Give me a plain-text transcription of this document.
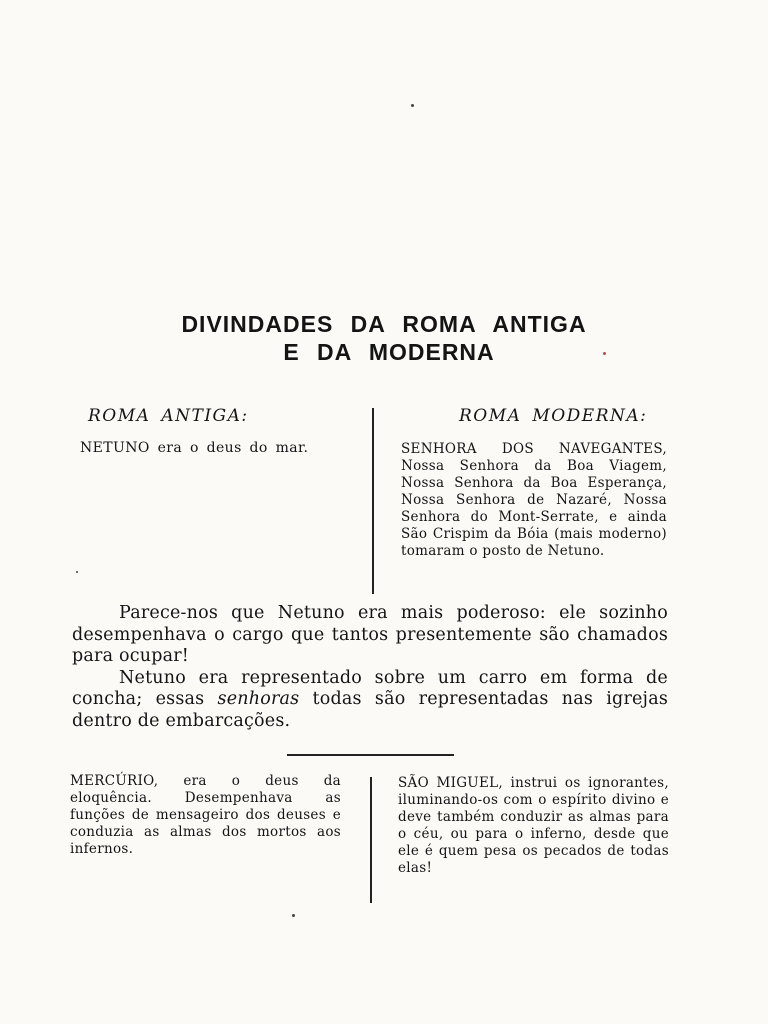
DIVINDADES DA ROMA ANTIGA
E DA MODERNA
ROMA ANTIGA:	ROMA MODERNA:
NETUNO era o deus do mar.	SENHORA DOS NAVEGANTES, Nossa Senhora da Boa Viagem, Nossa Senhora da Boa Esperança, Nossa Senhora de Nazaré, Nossa Senhora do Mont-Serrate, e ainda São Crispim da Bóia (mais moderno) tomaram o posto de Netuno.

Parece-nos que Netuno era mais poderoso: ele sozinho desempenhava o cargo que tantos presentemente são chamados para ocupar!

Netuno era representado sobre um carro em forma de concha; essas senhoras todas são representadas nas igrejas dentro de embarcações.

MERCÚRIO, era o deus da eloquência. Desempenhava as funções de mensageiro dos deuses e conduzia as almas dos mortos aos infernos.
SÃO MIGUEL, instrui os ignorantes, iluminando-os com o espírito divino e deve também conduzir as almas para o céu, ou para o inferno, desde que ele é quem pesa os pecados de todas elas!
